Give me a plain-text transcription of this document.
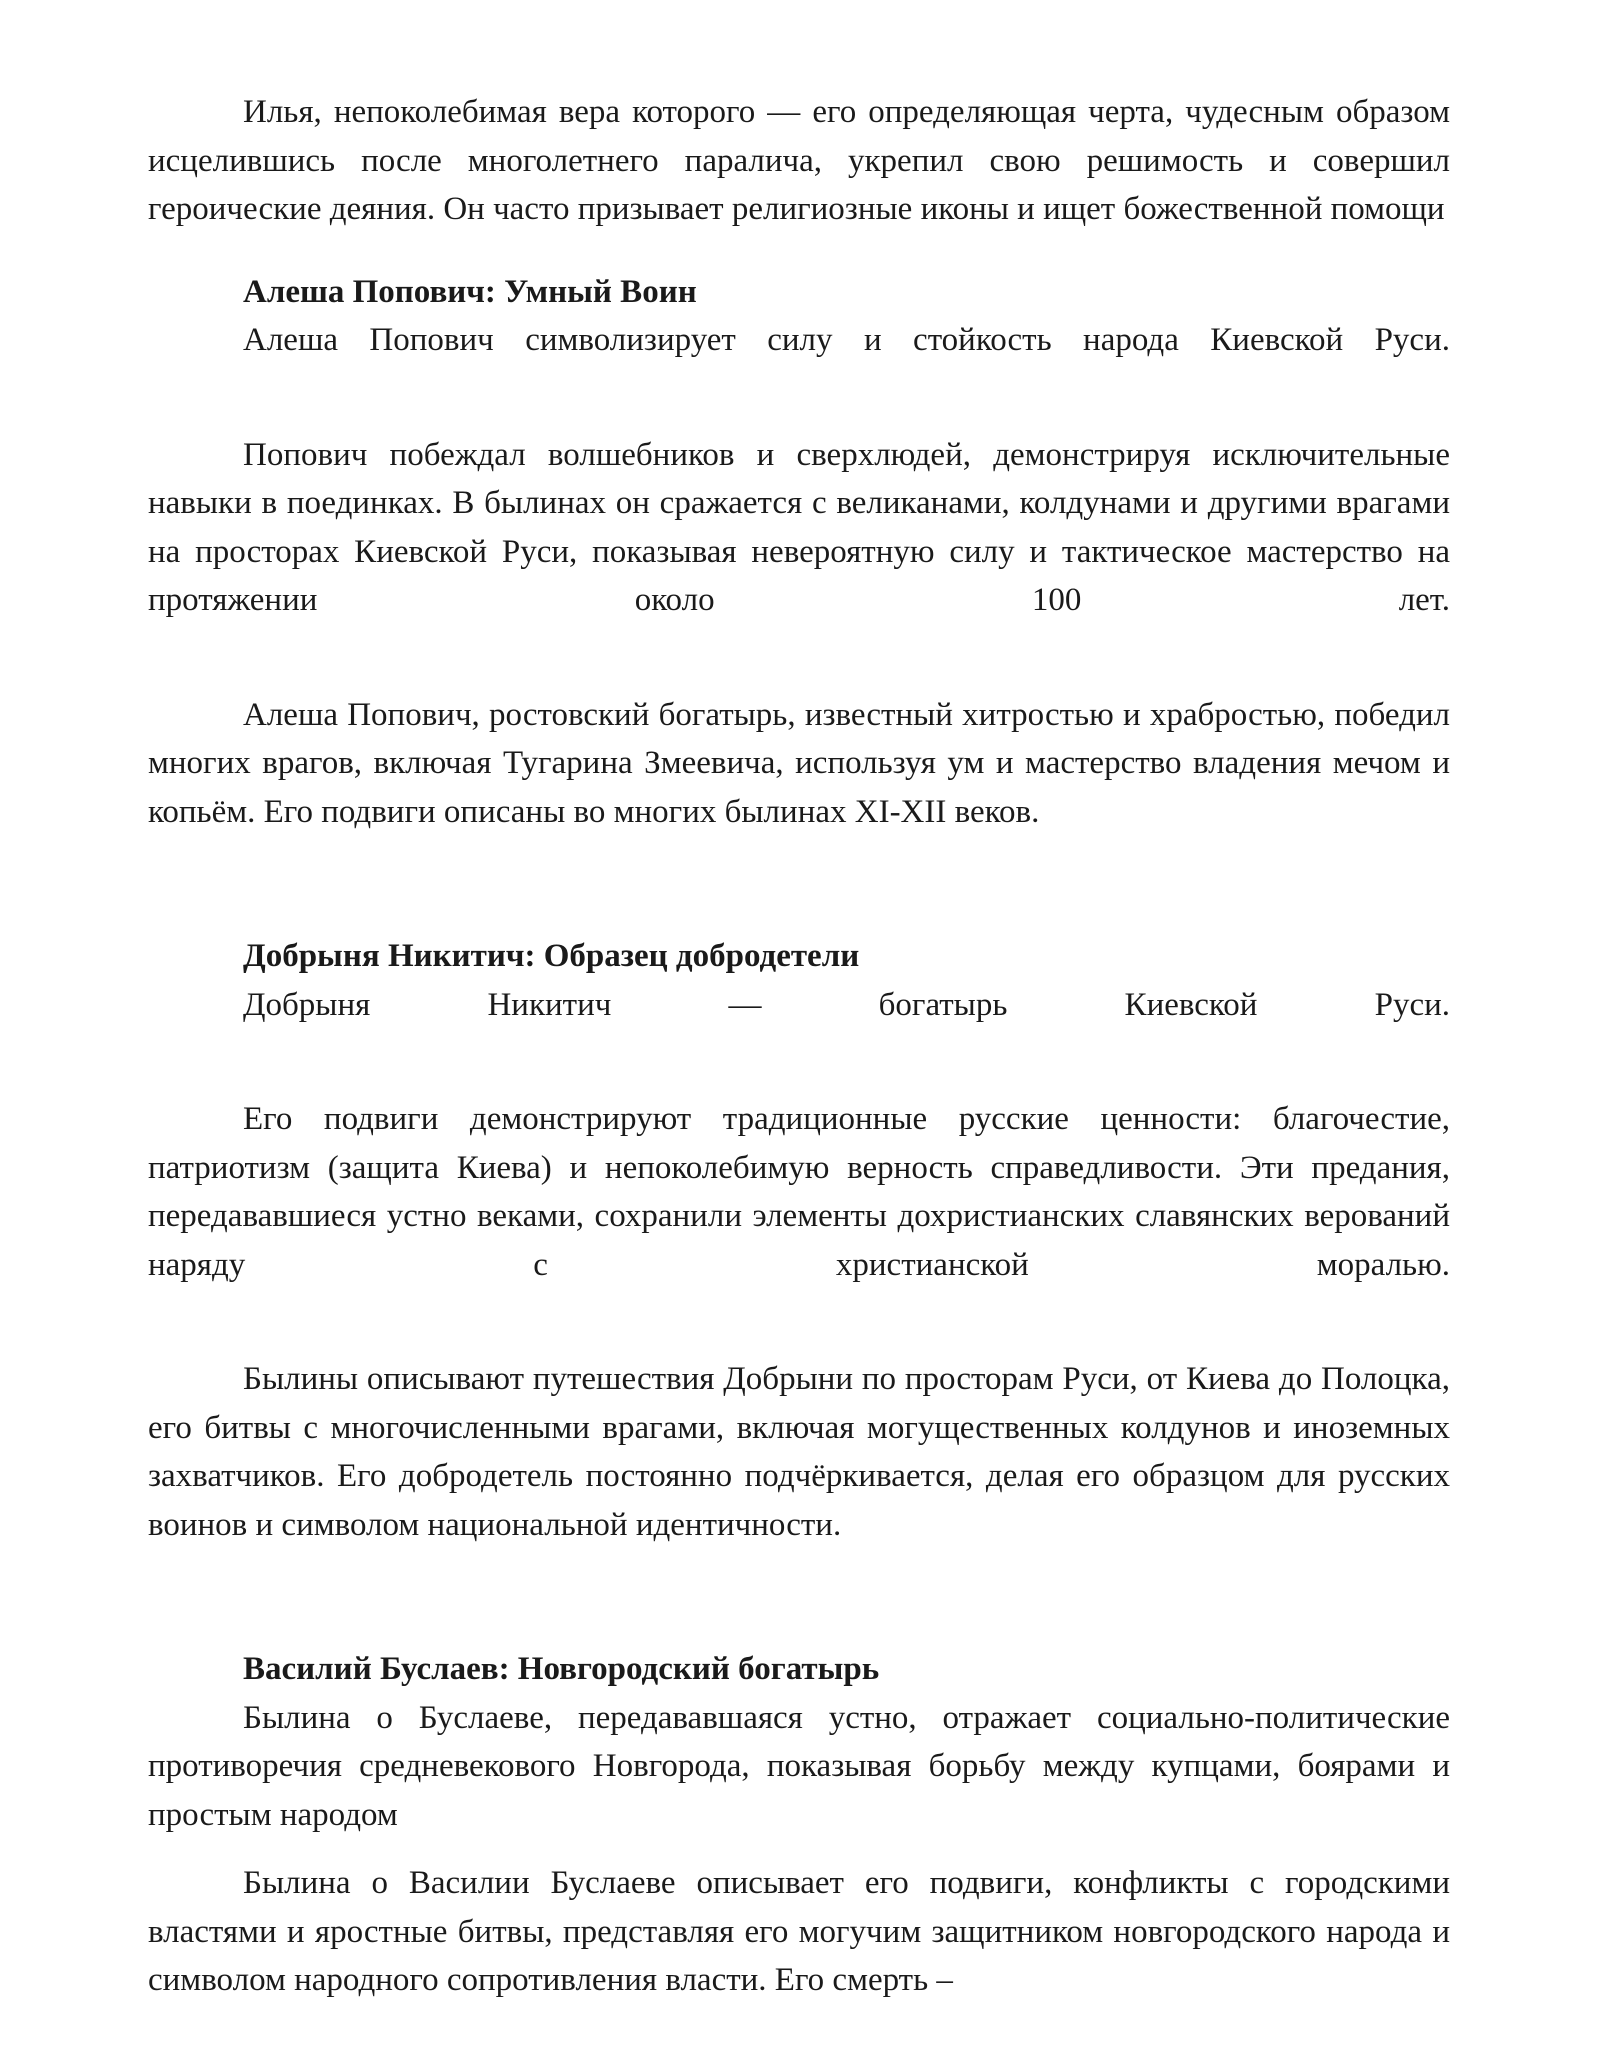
Илья, непоколебимая вера которого — его определяющая черта, чудесным образом исцелившись после многолетнего паралича, укрепил свою решимость и совершил героические деяния. Он часто призывает религиозные иконы и ищет божественной помощи

Алеша Попович: Умный Воин

Алеша Попович символизирует силу и стойкость народа Киевской Руси.

Попович побеждал волшебников и сверхлюдей, демонстрируя исключительные навыки в поединках. В былинах он сражается с великанами, колдунами и другими врагами на просторах Киевской Руси, показывая невероятную силу и тактическое мастерство на протяжении около 100 лет.

Алеша Попович, ростовский богатырь, известный хитростью и храбростью, победил многих врагов, включая Тугарина Змеевича, используя ум и мастерство владения мечом и копьём. Его подвиги описаны во многих былинах XI-XII веков.

Добрыня Никитич: Образец добродетели

Добрыня Никитич — богатырь Киевской Руси.

Его подвиги демонстрируют традиционные русские ценности: благочестие, патриотизм (защита Киева) и непоколебимую верность справедливости. Эти предания, передававшиеся устно веками, сохранили элементы дохристианских славянских верований наряду с христианской моралью.

Былины описывают путешествия Добрыни по просторам Руси, от Киева до Полоцка, его битвы с многочисленными врагами, включая могущественных колдунов и иноземных захватчиков. Его добродетель постоянно подчёркивается, делая его образцом для русских воинов и символом национальной идентичности.

Василий Буслаев: Новгородский богатырь

Былина о Буслаеве, передававшаяся устно, отражает социально-политические противоречия средневекового Новгорода, показывая борьбу между купцами, боярами и простым народом

Былина о Василии Буслаеве описывает его подвиги, конфликты с городскими властями и яростные битвы, представляя его могучим защитником новгородского народа и символом народного сопротивления власти. Его смерть –
